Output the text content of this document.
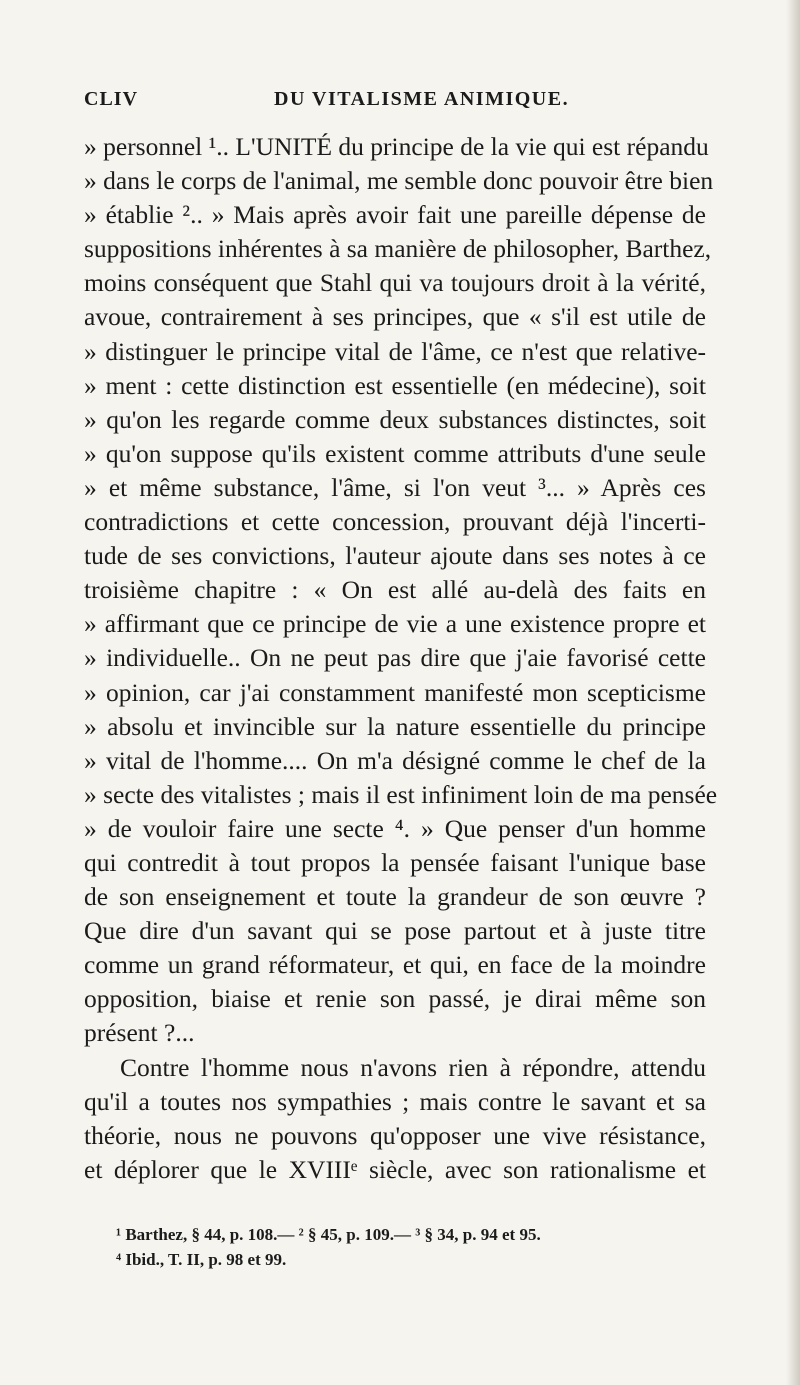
CLIV	DU VITALISME ANIMIQUE.
» personnel ¹.. L'UNITÉ du principe de la vie qui est répandu
» dans le corps de l'animal, me semble donc pouvoir être bien
» établie ².. » Mais après avoir fait une pareille dépense de
suppositions inhérentes à sa manière de philosopher, Barthez,
moins conséquent que Stahl qui va toujours droit à la vérité,
avoue, contrairement à ses principes, que « s'il est utile de
» distinguer le principe vital de l'âme, ce n'est que relative-
» ment : cette distinction est essentielle (en médecine), soit
» qu'on les regarde comme deux substances distinctes, soit
» qu'on suppose qu'ils existent comme attributs d'une seule
» et même substance, l'âme, si l'on veut ³... » Après ces
contradictions et cette concession, prouvant déjà l'incerti-
tude de ses convictions, l'auteur ajoute dans ses notes à ce
troisième chapitre : « On est allé au-delà des faits en
» affirmant que ce principe de vie a une existence propre et
» individuelle.. On ne peut pas dire que j'aie favorisé cette
» opinion, car j'ai constamment manifesté mon scepticisme
» absolu et invincible sur la nature essentielle du principe
» vital de l'homme.... On m'a désigné comme le chef de la
» secte des vitalistes ; mais il est infiniment loin de ma pensée
» de vouloir faire une secte ⁴. » Que penser d'un homme
qui contredit à tout propos la pensée faisant l'unique base
de son enseignement et toute la grandeur de son œuvre ?
Que dire d'un savant qui se pose partout et à juste titre
comme un grand réformateur, et qui, en face de la moindre
opposition, biaise et renie son passé, je dirai même son
présent ?...
Contre l'homme nous n'avons rien à répondre, attendu
qu'il a toutes nos sympathies ; mais contre le savant et sa
théorie, nous ne pouvons qu'opposer une vive résistance,
et déplorer que le XVIIIᵉ siècle, avec son rationalisme et
¹ Barthez, § 44, p. 108.— ² § 45, p. 109.— ³ § 34, p. 94 et 95.
⁴ Ibid., T. II, p. 98 et 99.
